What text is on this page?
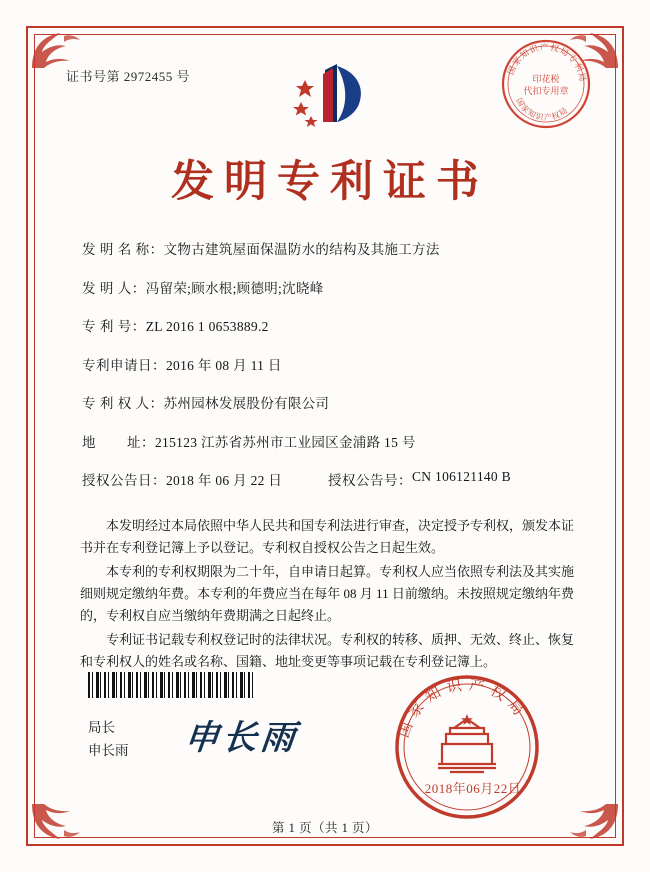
证书号第 2972455 号	国家知识产权局专利局
印花税
代扣专用章
国家知识产权局
发明专利证书
发 明 名 称： 文物古建筑屋面保温防水的结构及其施工方法
发 明 人： 冯留荣;顾水根;顾德明;沈晓峰
专 利 号： ZL 2016 1 0653889.2
专利申请日： 2016 年 08 月 11 日
专 利 权 人： 苏州园林发展股份有限公司
地        址： 215123 江苏省苏州市工业园区金浦路 15 号
授权公告日： 2018 年 06 月 22 日	授权公告号： CN 106121140 B

本发明经过本局依照中华人民共和国专利法进行审查，决定授予专利权，颁发本证书并在专利登记簿上予以登记。专利权自授权公告之日起生效。

本专利的专利权期限为二十年，自申请日起算。专利权人应当依照专利法及其实施细则规定缴纳年费。本专利的年费应当在每年 08 月 11 日前缴纳。未按照规定缴纳年费的，专利权自应当缴纳年费期满之日起终止。

专利证书记载专利权登记时的法律状况。专利权的转移、质押、无效、终止、恢复和专利权人的姓名或名称、国籍、地址变更等事项记载在专利登记簿上。

局长
申长雨 申长雨	国家知识产权局
2018年06月22日
第 1 页（共 1 页）
